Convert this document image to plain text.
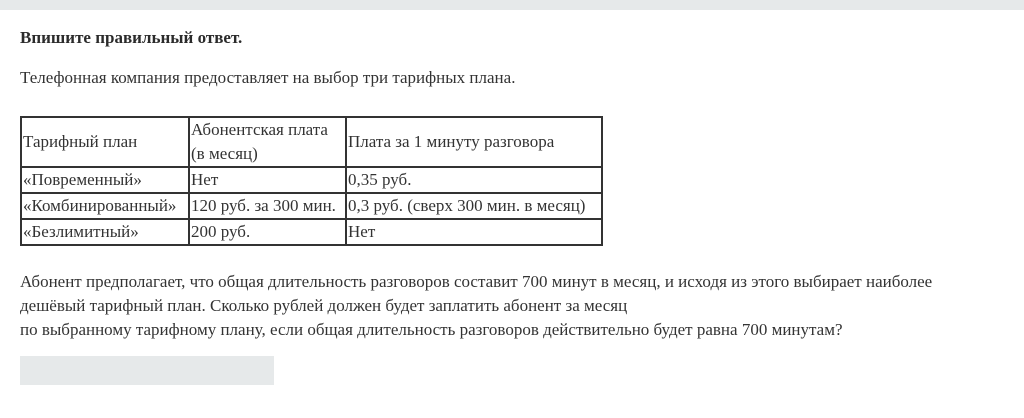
Впишите правильный ответ.

Телефонная компания предоставляет на выбор три тарифных плана.

Тарифный план	Абонентская плата (в месяц)	Плата за 1 минуту разговора
«Повременный»	Нет	0,35 руб.
«Комбинированный»	120 руб. за 300 мин.	0,3 руб. (сверх 300 мин. в месяц)
«Безлимитный»	200 руб.	Нет

Абонент предполагает, что общая длительность разговоров составит 700 минут в месяц, и исходя из этого выбирает наиболее
дешёвый тарифный план. Сколько рублей должен будет заплатить абонент за месяц
по выбранному тарифному плану, если общая длительность разговоров действительно будет равна 700 минутам?
